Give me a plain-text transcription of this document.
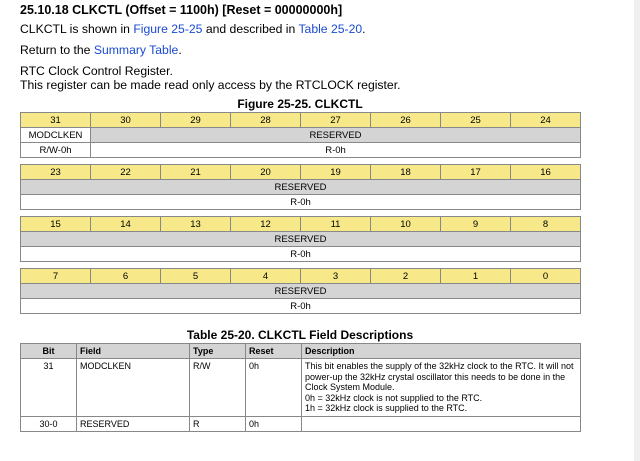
25.10.18 CLKCTL (Offset = 1100h) [Reset = 00000000h]
CLKCTL is shown in Figure 25-25 and described in Table 25-20.
Return to the Summary Table.
RTC Clock Control Register.
This register can be made read only access by the RTCLOCK register.
Figure 25-25. CLKCTL
31	30	29	28	27	26	25	24
MODCLKEN	RESERVED						
R/W-0h	R-0h						

23	22	21	20	19	18	17	16
RESERVED							
R-0h							

15	14	13	12	11	10	9	8
RESERVED							
R-0h							

7	6	5	4	3	2	1	0
RESERVED							
R-0h							
Table 25-20. CLKCTL Field Descriptions
Bit	Field	Type	Reset	Description
31	MODCLKEN	R/W	0h	This bit enables the supply of the 32kHz clock to the RTC. It will not power-up the 32kHz crystal oscillator this needs to be done in the Clock System Module.
0h = 32kHz clock is not supplied to the RTC.
1h = 32kHz clock is supplied to the RTC.

30-0	RESERVED	R	0h	
